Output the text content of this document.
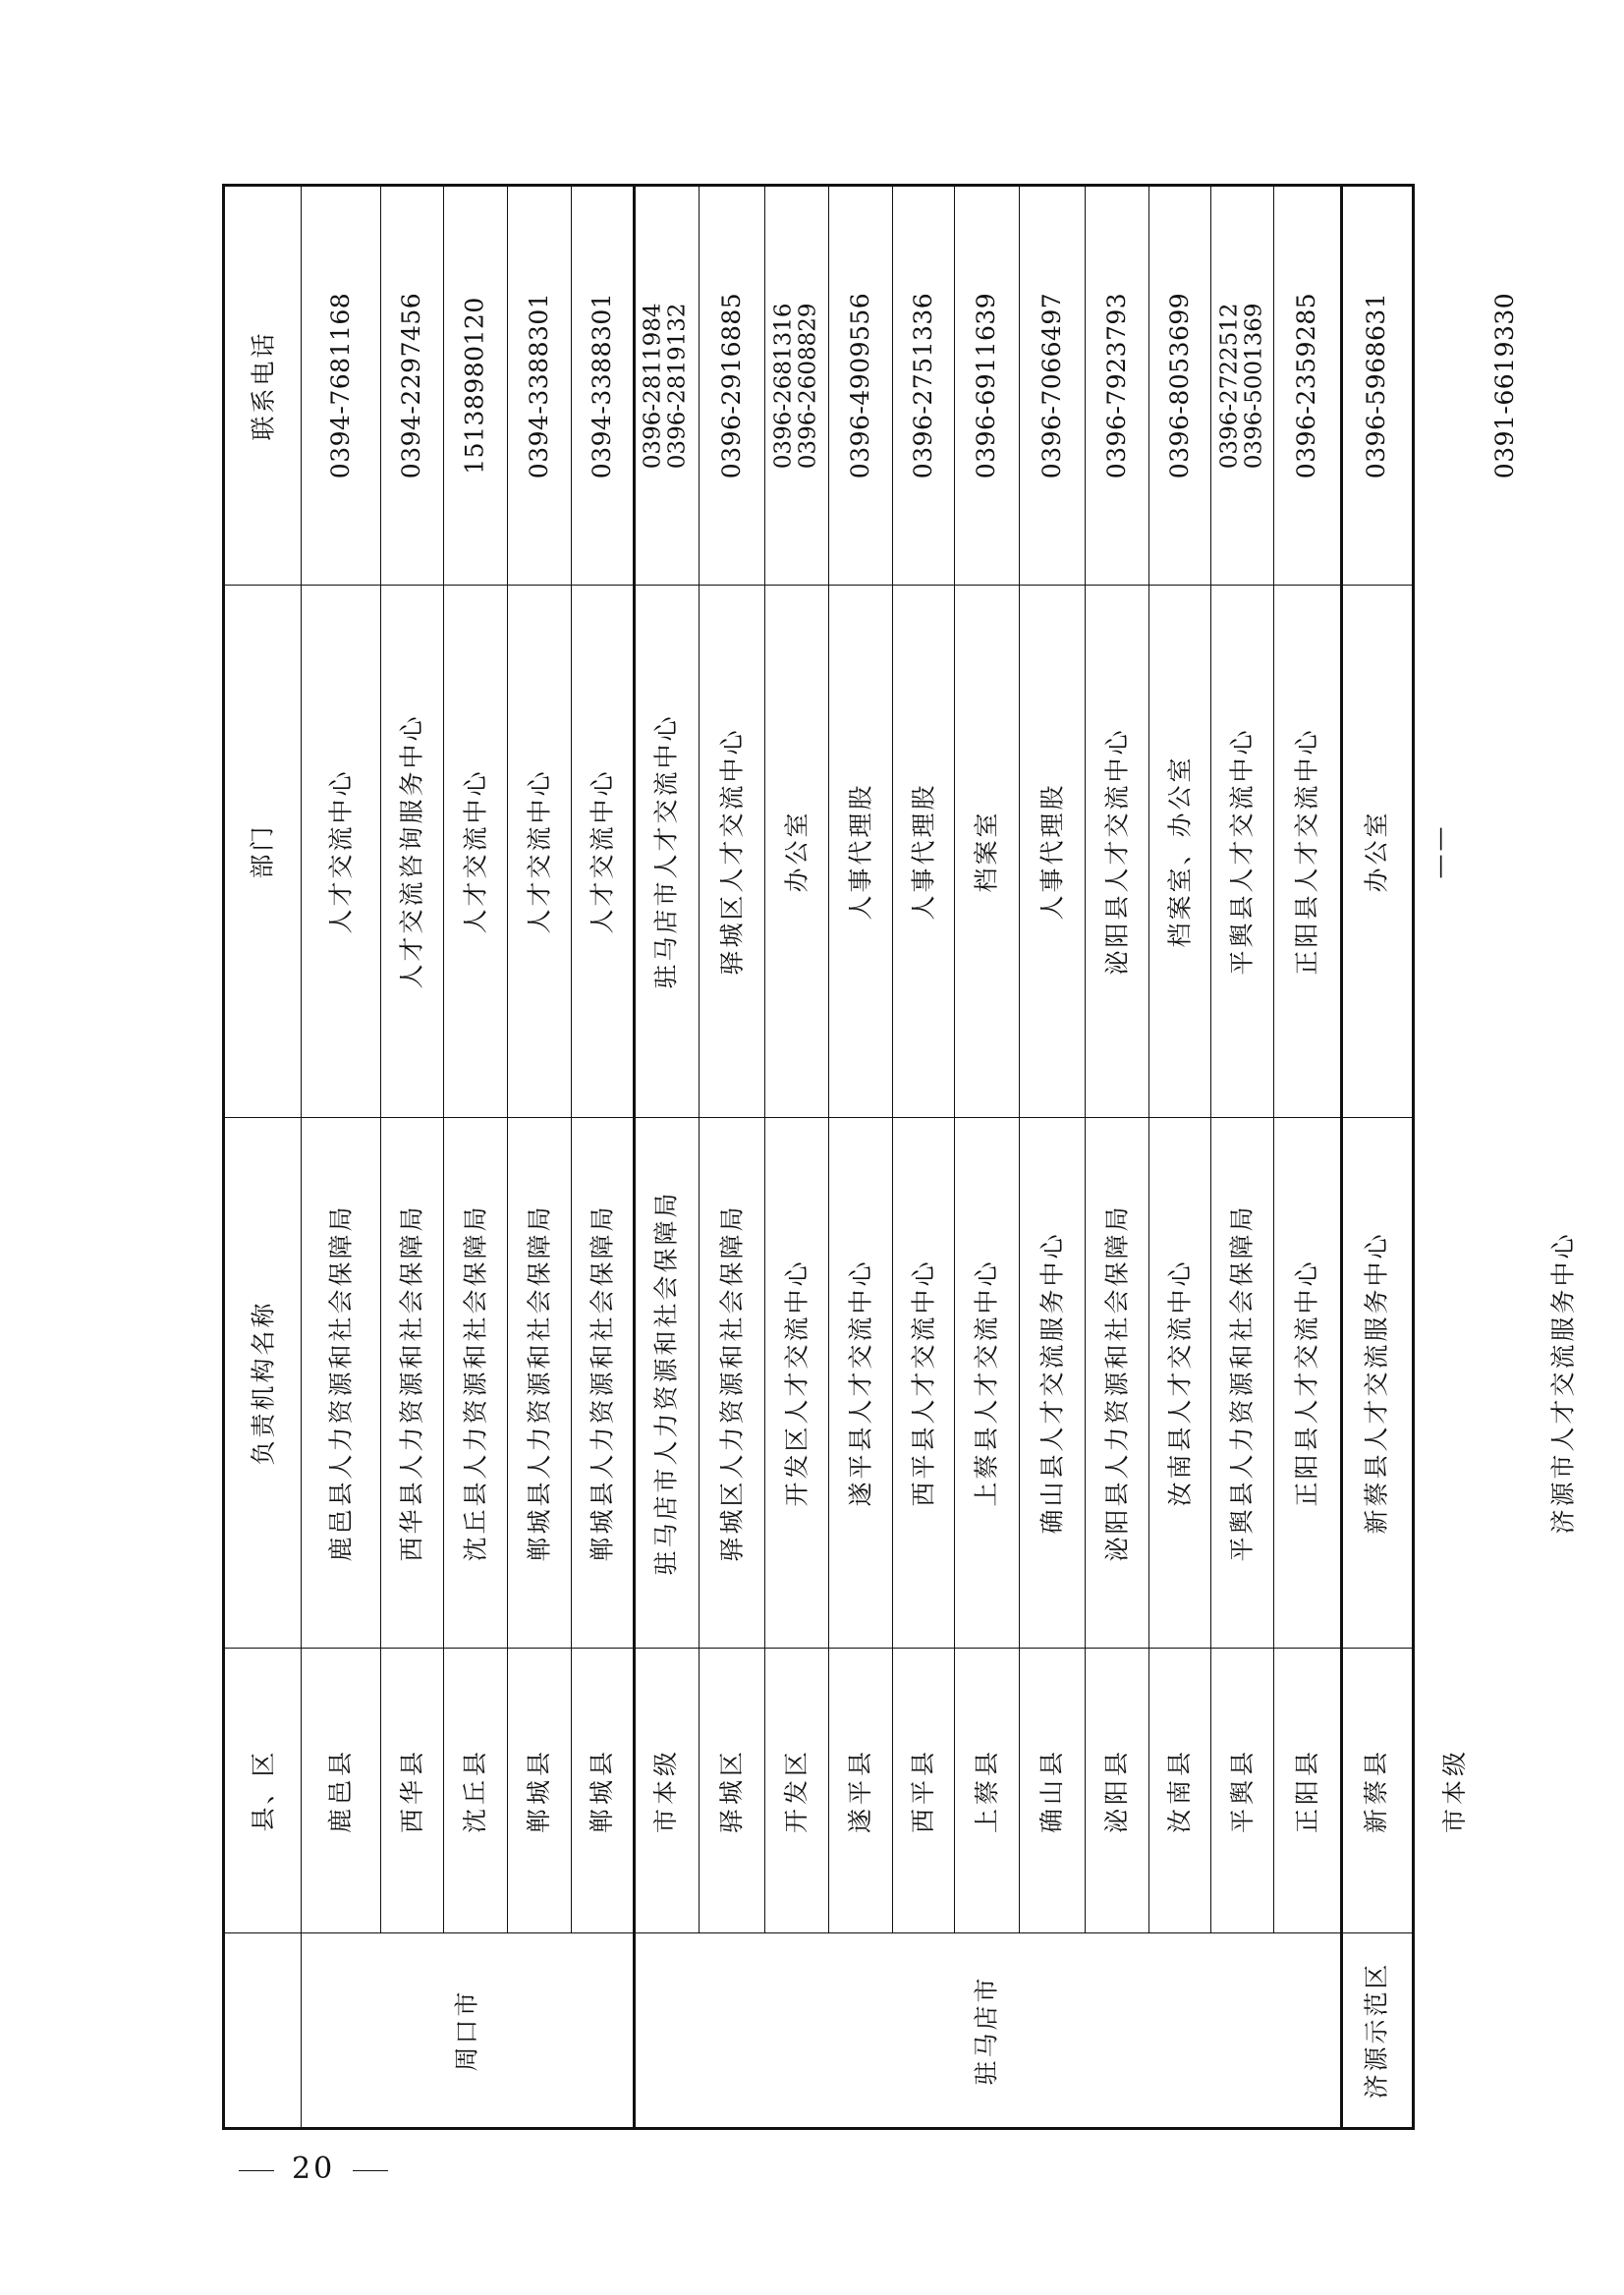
联系电话
部门
负责机构名称
县、区
0394-7681168
人才交流中心
鹿邑县人力资源和社会保障局
鹿邑县
0394-2297456
人才交流咨询服务中心
西华县人力资源和社会保障局
西华县
15138980120
人才交流中心
沈丘县人力资源和社会保障局
沈丘县
0394-3388301
人才交流中心
郸城县人力资源和社会保障局
郸城县
0394-3388301
人才交流中心
郸城县人力资源和社会保障局
郸城县
0396-2811984
0396-2819132
驻马店市人才交流中心
驻马店市人力资源和社会保障局
市本级
0396-2916885
驿城区人才交流中心
驿城区人力资源和社会保障局
驿城区
0396-2681316
0396-2608829
办公室
开发区人才交流中心
开发区
0396-4909556
人事代理股
遂平县人才交流中心
遂平县
0396-2751336
人事代理股
西平县人才交流中心
西平县
0396-6911639
档案室
上蔡县人才交流中心
上蔡县
0396-7066497
人事代理股
确山县人才交流服务中心
确山县
0396-7923793
泌阳县人才交流中心
泌阳县人力资源和社会保障局
泌阳县
0396-8053699
档案室、办公室
汝南县人才交流中心
汝南县
0396-2722512
0396-5001369
平舆县人才交流中心
平舆县人力资源和社会保障局
平舆县
0396-2359285
正阳县人才交流中心
正阳县人才交流中心
正阳县
0396-5968631
办公室
新蔡县人才交流服务中心
新蔡县
0391-6619330
——
济源市人才交流服务中心
市本级
周口市	驻马店市	济源示范区
20
